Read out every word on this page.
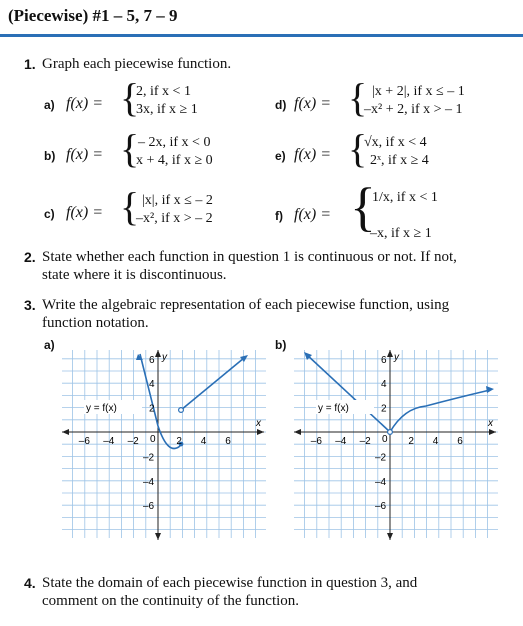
(Piecewise) #1 – 5, 7 – 9
1. Graph each piecewise function.
a) f(x) = {
2, if x < 1
3x, if x ≥ 1
b) f(x) = {
– 2x, if x < 0
x + 4, if x ≥ 0
c) f(x) = { |x|, if x ≤ – 2
–x², if x > – 2
d) f(x) = { |x + 2|, if x ≤ – 1
–x² + 2, if x > – 1
e) f(x) = {
√x, if x < 4
2ˣ, if x ≥ 4
f) f(x) = {
1/x, if x < 1
–x, if x ≥ 1
2. State whether each function in question 1 is continuous or not. If not,
state where it is discontinuous.
3. Write the algebraic representation of each piecewise function, using
function notation.
a)	b)
y = f(x)
y
x
0
–6 –4 –2	2 4 6
6
4
2
–2
–4
–6
y = f(x)
y
x
0
–6 –4 –2	2 4 6
6
4
2
–2
–4
–6
4. State the domain of each piecewise function in question 3, and
comment on the continuity of the function.
